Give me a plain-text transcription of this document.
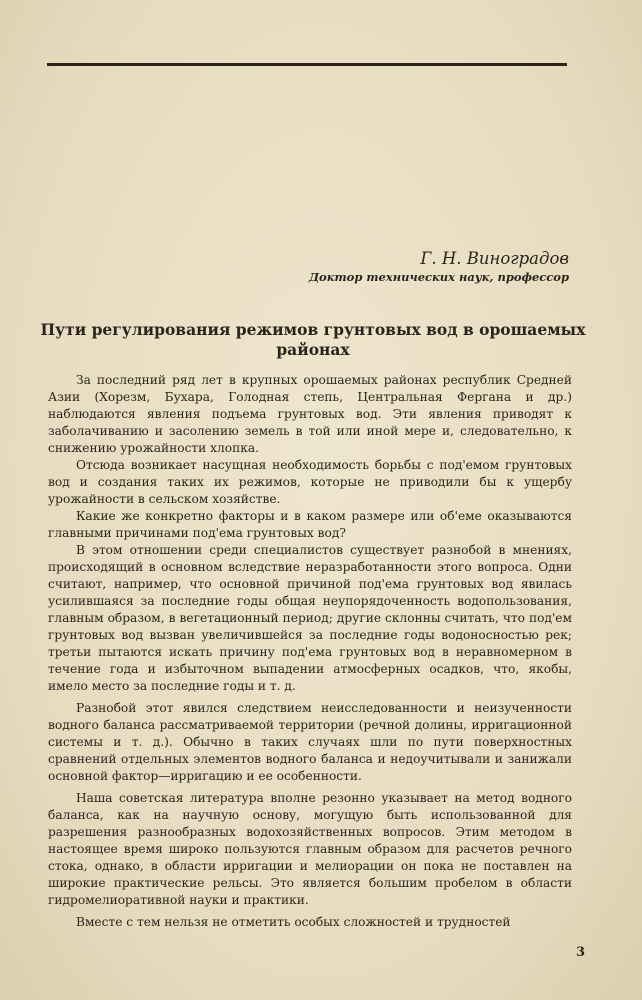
Г. Н. Виноградов
Доктор технических наук, профессор
Пути регулирования режимов грунтовых вод в орошаемых
районах

За последний ряд лет в крупных орошаемых районах республик Средней Азии (Хорезм, Бухара, Голодная степь, Центральная Фергана и др.) наблюдаются явления подъема грунтовых вод. Эти явления приводят к заболачиванию и засолению земель в той или иной мере и, следовательно, к снижению урожайности хлопка.

Отсюда возникает насущная необходимость борьбы с под'емом грунтовых вод и создания таких их режимов, которые не приводили бы к ущербу урожайности в сельском хозяйстве.

Какие же конкретно факторы и в каком размере или об'еме оказываются главными причинами под'ема грунтовых вод?

В этом отношении среди специалистов существует разнобой в мнениях, происходящий в основном вследствие неразработанности этого вопроса. Одни считают, например, что основной причиной под'ема грунтовых вод явилась усилившаяся за последние годы общая неупорядоченность водопользования, главным образом, в вегетационный период; другие склонны считать, что под'ем грунтовых вод вызван увеличившейся за последние годы водоносностью рек; третьи пытаются искать причину под'ема грунтовых вод в неравномерном в течение года и избыточном выпадении атмосферных осадков, что, якобы, имело место за последние годы и т. д.

Разнобой этот явился следствием неисследованности и неизученности водного баланса рассматриваемой территории (речной долины, ирригационной системы и т. д.). Обычно в таких случаях шли по пути поверхностных сравнений отдельных элементов водного баланса и недоучитывали и занижали основной фактор—ирригацию и ее особенности.

Наша советская литература вполне резонно указывает на метод водного баланса, как на научную основу, могущую быть использованной для разрешения разнообразных водохозяйственных вопросов. Этим методом в настоящее время широко пользуются главным образом для расчетов речного стока, однако, в области ирригации и мелиорации он пока не поставлен на широкие практические рельсы. Это является большим пробелом в области гидромелиоративной науки и практики.

Вместе с тем нельзя не отметить особых сложностей и трудностей

3
